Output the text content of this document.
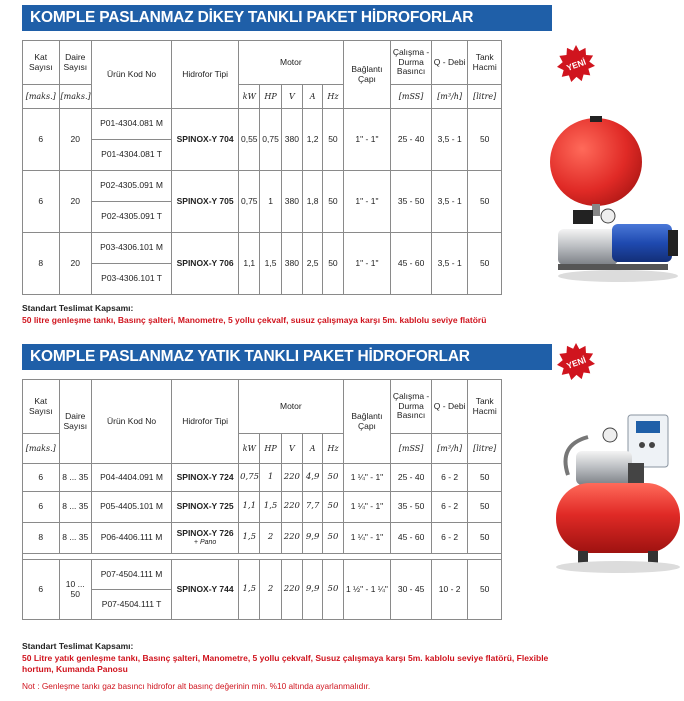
KOMPLE PASLANMAZ DİKEY TANKLI PAKET HİDROFORLAR
Kat Sayısı	Daire Sayısı	Ürün Kod No	Hidrofor Tipi	Motor					Bağlantı Çapı	Çalışma - Durma Basıncı	Q - Debi	Tank Hacmi
[maks.]	[maks.]			kW	HP	V	A	Hz		[mSS]	[m³/h]	[litre]
6	20	P01-4304.081 M	SPINOX-Y 704	0,55	0,75	380	1,2	50	1" - 1"	25 - 40	3,5 - 1	50
		P01-4304.081 T										
6	20	P02-4305.091 M	SPINOX-Y 705	0,75	1	380	1,8	50	1" - 1"	35 - 50	3,5 - 1	50
		P02-4305.091 T										
8	20	P03-4306.101 M	SPINOX-Y 706	1,1	1,5	380	2,5	50	1" - 1"	45 - 60	3,5 - 1	50
		P03-4306.101 T										
Standart Teslimat Kapsamı:
50 litre genleşme tankı, Basınç şalteri, Manometre, 5 yollu çekvalf, susuz çalışmaya karşı 5m. kablolu seviye flatörü
YENİ
KOMPLE PASLANMAZ YATIK TANKLI PAKET HİDROFORLAR
Kat Sayısı	Daire Sayısı	Ürün Kod No	Hidrofor Tipi	Motor					Bağlantı Çapı	Çalışma - Durma Basıncı	Q - Debi	Tank Hacmi
[maks.]				kW	HP	V	A	Hz		[mSS]	[m³/h]	[litre]
6	8 ... 35	P04-4404.091 M	SPINOX-Y 724	0,75	1	220	4,9	50	1 ¼" - 1"	25 - 40	6 - 2	50
6	8 ... 35	P05-4405.101 M	SPINOX-Y 725	1,1	1,5	220	7,7	50	1 ¼" - 1"	35 - 50	6 - 2	50
8	8 ... 35	P06-4406.111 M	SPINOX-Y 726
+ Pano	1,5	2	220	9,9	50	1 ¼" - 1"	45 - 60	6 - 2	50

6	10 ... 50	P07-4504.111 M	SPINOX-Y 744	1,5	2	220	9,9	50	1 ½" - 1 ¼"	30 - 45	10 - 2	50
		P07-4504.111 T										
Standart Teslimat Kapsamı:
50 Litre yatık genleşme tankı, Basınç şalteri, Manometre, 5 yollu çekvalf, Susuz çalışmaya karşı 5m. kablolu seviye flatörü, Flexible hortum, Kumanda Panosu
Not : Genleşme tankı gaz basıncı hidrofor alt basınç değerinin min. %10 altında ayarlanmalıdır.
YENİ
